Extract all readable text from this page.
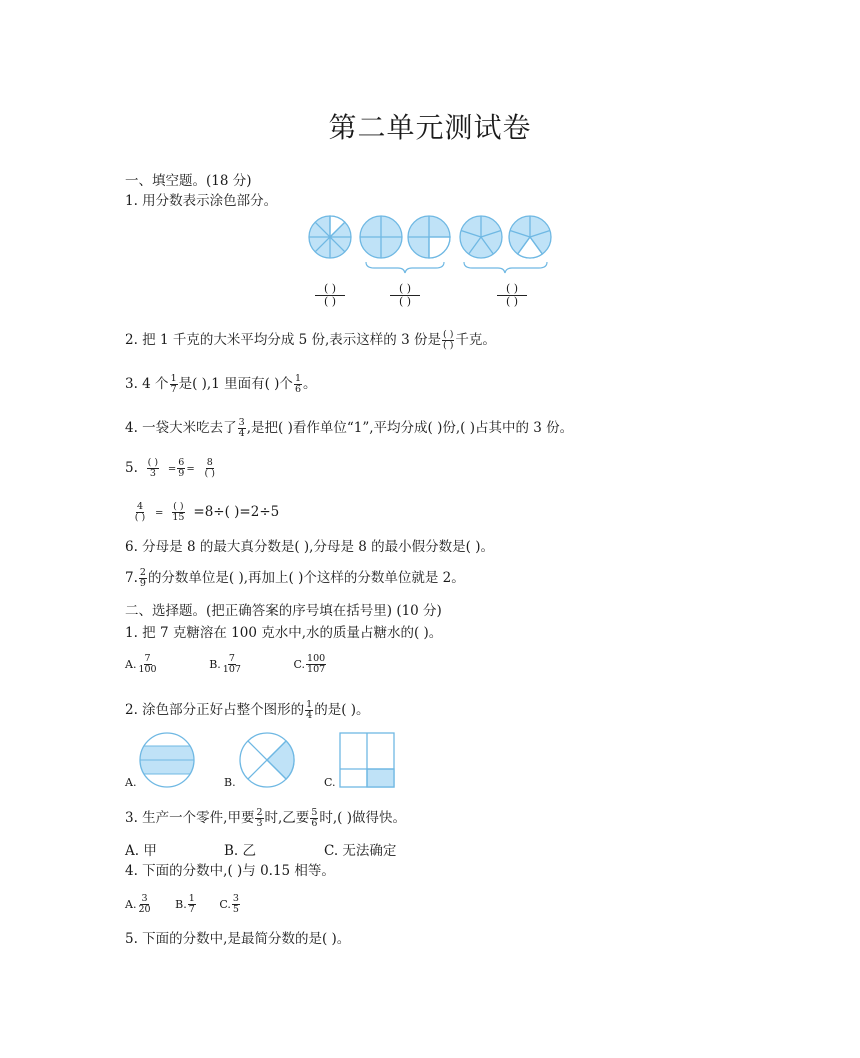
第二单元测试卷
一、填空题。(18 分)
1. 用分数表示涂色部分。
( )
( )
( )
( )
( )
( )
2. 把 1 千克的大米平均分成 5 份,表示这样的 3 份是 $\frac{( )}{( )}$ 千克。
3. 4 个 $\frac{1}{7}$ 是( ),1 里面有( )个 $\frac{1}{6}$ 。
4. 一袋大米吃去了 $\frac{3}{4}$ ,是把( )看作单位“1”,平均分成( )份,( )占其中的 3 份。
5. $\frac{( )}{3} = \frac{6}{9} = \frac{8}{( )}$
$\frac{4}{( )} = \frac{( )}{15} =8\div$( )=2÷5
6. 分母是 8 的最大真分数是( ),分母是 8 的最小假分数是( )。
7. $\frac{2}{9}$ 的分数单位是( ),再加上( )个这样的分数单位就是 2。
二、选择题。(把正确答案的序号填在括号里) (10 分)
1. 把 7 克糖溶在 100 克水中,水的质量占糖水的( )。
A. $\frac{7}{100}$	B. $\frac{7}{107}$	C. $\frac{100}{107}$
2. 涂色部分正好占整个图形的 $\frac{1}{4}$ 的是( )。
A.	B.	C.
3. 生产一个零件,甲要 $\frac{2}{3}$ 时,乙要 $\frac{5}{6}$ 时,( )做得快。
A. 甲	B. 乙	C. 无法确定
4. 下面的分数中,( )与 0.15 相等。
A. $\frac{3}{20} B$. $\frac{1}{7} C$. $\frac{3}{5}$
5. 下面的分数中,是最简分数的是( )。
